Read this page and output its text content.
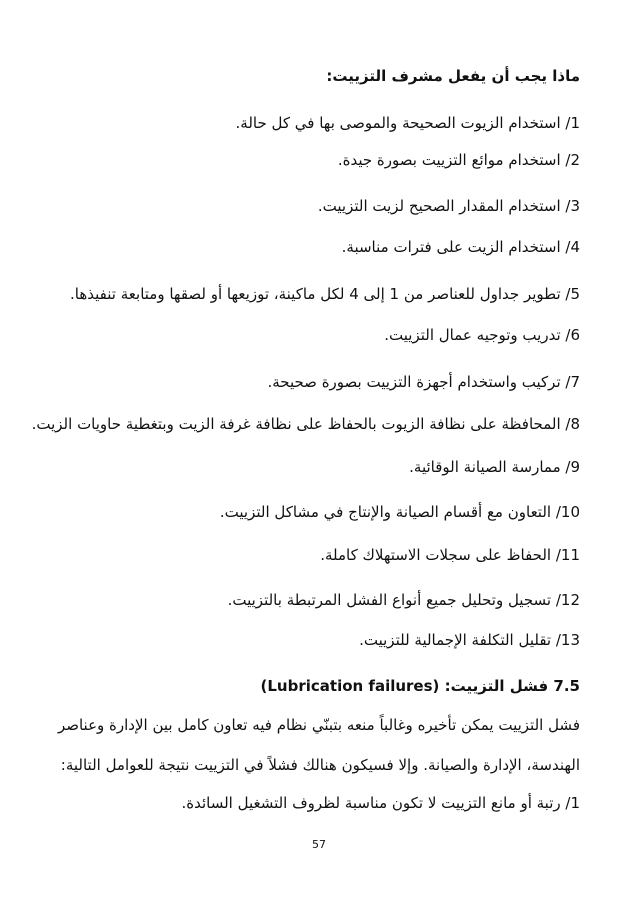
ماذا يجب أن يفعل مشرف التزييت:
1/ استخدام الزيوت الصحيحة والموصى بها في كل حالة.
2/ استخدام موائع التزييت بصورة جيدة.
3/ استخدام المقدار الصحيح لزيت التزييت.
4/ استخدام الزيت على فترات مناسبة.
5/ تطوير جداول للعناصر من 1 إلى 4 لكل ماكينة، توزيعها أو لصقها ومتابعة تنفيذها.
6/ تدريب وتوجيه عمال التزييت.
7/ تركيب واستخدام أجهزة التزييت بصورة صحيحة.
8/ المحافظة على نظافة الزيوت بالحفاظ على نظافة غرفة الزيت وبتغطية حاويات الزيت.
9/ ممارسة الصيانة الوقائية.
10/ التعاون مع أقسام الصيانة والإنتاج في مشاكل التزييت.
11/ الحفاظ على سجلات الاستهلاك كاملة.
12/ تسجيل وتحليل جميع أنواع الفشل المرتبطة بالتزييت.
13/ تقليل التكلفة الإجمالية للتزييت.
7.5 فشل التزييت: (Lubrication failures)
فشل التزييت يمكن تأخيره وغالباً منعه بتبنّي نظام فيه تعاون كامل بين الإدارة وعناصر
الهندسة، الإدارة والصيانة. وإلا فسيكون هنالك فشلاً في التزييت نتيجة للعوامل التالية:
1/ رتبة أو مانع التزييت لا تكون مناسبة لظروف التشغيل السائدة.
57
